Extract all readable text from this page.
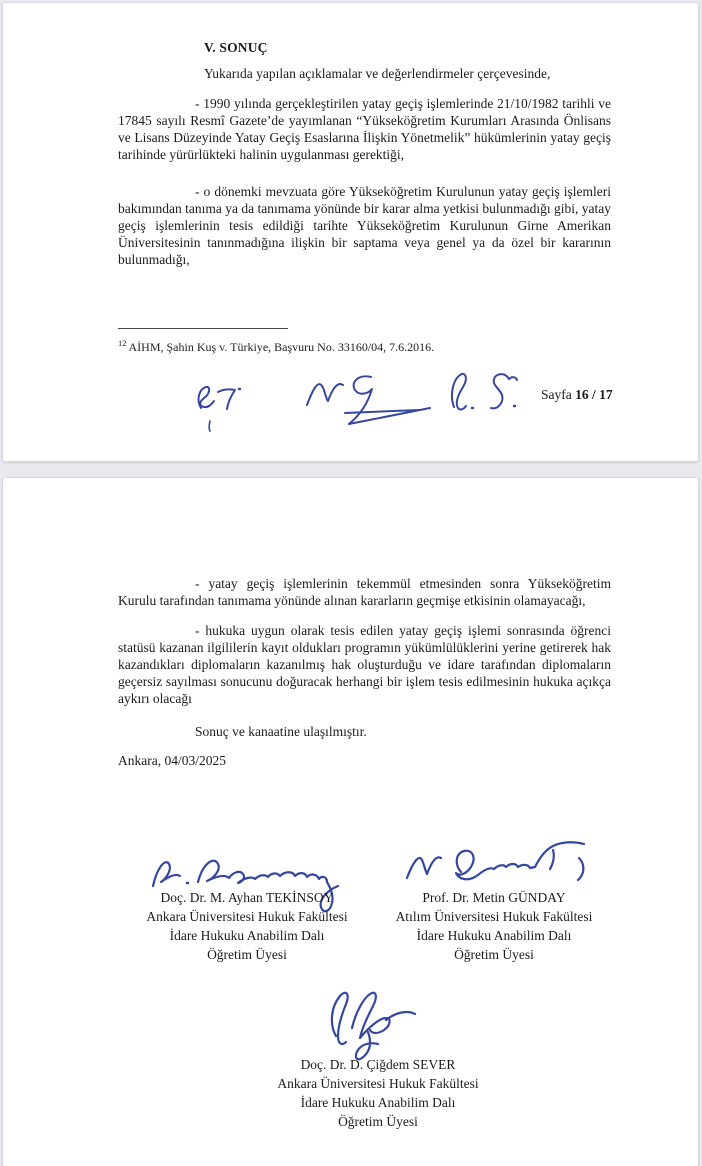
V. SONUÇ
Yukarıda yapılan açıklamalar ve değerlendirmeler çerçevesinde,
- 1990 yılında gerçekleştirilen yatay geçiş işlemlerinde 21/10/1982 tarihli ve 17845 sayılı Resmî Gazete’de yayımlanan “Yükseköğretim Kurumları Arasında Önlisans ve Lisans Düzeyinde Yatay Geçiş Esaslarına İlişkin Yönetmelik” hükümlerinin yatay geçiş tarihinde yürürlükteki halinin uygulanması gerektiği,
- o dönemki mevzuata göre Yükseköğretim Kurulunun yatay geçiş işlemleri bakımından tanıma ya da tanımama yönünde bir karar alma yetkisi bulunmadığı gibi, yatay geçiş işlemlerinin tesis edildiği tarihte Yükseköğretim Kurulunun Girne Amerikan Üniversitesinin tanınmadığına ilişkin bir saptama veya genel ya da özel bir kararının bulunmadığı,
$^{12}$ AİHM, Şahin Kuş v. Türkiye, Başvuru No. 33160/04, 7.6.2016.
Sayfa 16 / 17

- yatay geçiş işlemlerinin tekemmül etmesinden sonra Yükseköğretim Kurulu tarafından tanımama yönünde alınan kararların geçmişe etkisinin olamayacağı,

- hukuka uygun olarak tesis edilen yatay geçiş işlemi sonrasında öğrenci statüsü kazanan ilgililerin kayıt oldukları programın yükümlülüklerini yerine getirerek hak kazandıkları diplomaların kazanılmış hak oluşturduğu ve idare tarafından diplomaların geçersiz sayılması sonucunu doğuracak herhangi bir işlem tesis edilmesinin hukuka açıkça aykırı olacağı

Sonuç ve kanaatine ulaşılmıştır.

Ankara, 04/03/2025

Doç. Dr. M. Ayhan TEKİNSOY
Ankara Üniversitesi Hukuk Fakültesi
İdare Hukuku Anabilim Dalı
Öğretim Üyesi
Prof. Dr. Metin GÜNDAY
Atılım Üniversitesi Hukuk Fakültesi
İdare Hukuku Anabilim Dalı
Öğretim Üyesi
Doç. Dr. D. Çiğdem SEVER
Ankara Üniversitesi Hukuk Fakültesi
İdare Hukuku Anabilim Dalı
Öğretim Üyesi
